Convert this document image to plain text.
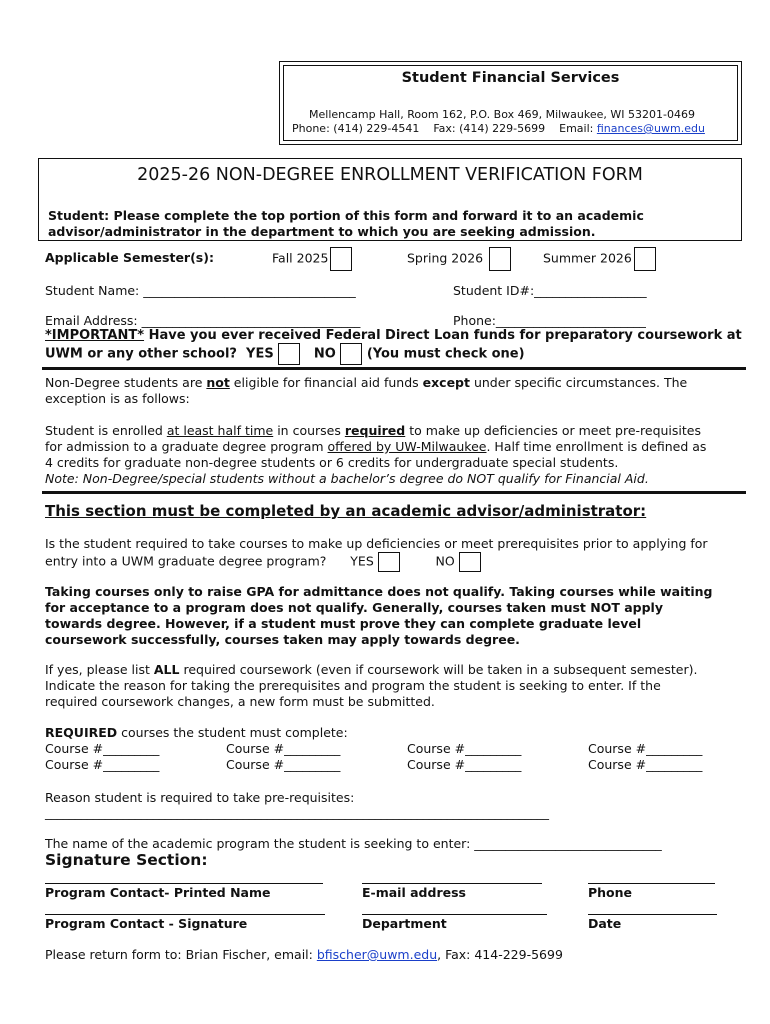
Student Financial Services
Mellencamp Hall, Room 162, P.O. Box 469, Milwaukee, WI 53201-0469
Phone: (414) 229-4541 Fax: (414) 229-5699 Email: finances@uwm.edu
2025-26 NON-DEGREE ENROLLMENT VERIFICATION FORM
Student: Please complete the top portion of this form and forward it to an academic advisor/administrator in the department to which you are seeking admission.
Applicable Semester(s):	Fall 2025	Spring 2026	Summer 2026
Student Name: __________________________________	Student ID#:__________________
Email Address: ___________________________________	Phone:________________________
*IMPORTANT* Have you ever received Federal Direct Loan funds for preparatory coursework at
UWM or any other school? YES	NO (You must check one)

Non-Degree students are not eligible for financial aid funds except under specific circumstances. The

exception is as follows:

Student is enrolled at least half time in courses required to make up deficiencies or meet pre-requisites

for admission to a graduate degree program offered by UW-Milwaukee. Half time enrollment is defined as

4 credits for graduate non-degree students or 6 credits for undergraduate special students.

Note: Non-Degree/special students without a bachelor’s degree do NOT qualify for Financial Aid.

This section must be completed by an academic advisor/administrator:

Is the student required to take courses to make up deficiencies or meet prerequisites prior to applying for

entry into a UWM graduate degree program? YES	NO

Taking courses only to raise GPA for admittance does not qualify. Taking courses while waiting

for acceptance to a program does not qualify. Generally, courses taken must NOT apply

towards degree. However, if a student must prove they can complete graduate level

coursework successfully, courses taken may apply towards degree.

If yes, please list ALL required coursework (even if coursework will be taken in a subsequent semester).

Indicate the reason for taking the prerequisites and program the student is seeking to enter. If the

required coursework changes, a new form must be submitted.

REQUIRED courses the student must complete:
Course #_________	Course #_________	Course #_________	Course #_________
Course #_________	Course #_________	Course #_________	Course #_________
Reason student is required to take pre-requisites:
____________________________________________________________________________________
The name of the academic program the student is seeking to enter: ______________________________
Signature Section:
Program Contact- Printed Name	E-mail address	Phone
Program Contact - Signature	Department	Date
Please return form to: Brian Fischer, email: bfischer@uwm.edu, Fax: 414-229-5699
